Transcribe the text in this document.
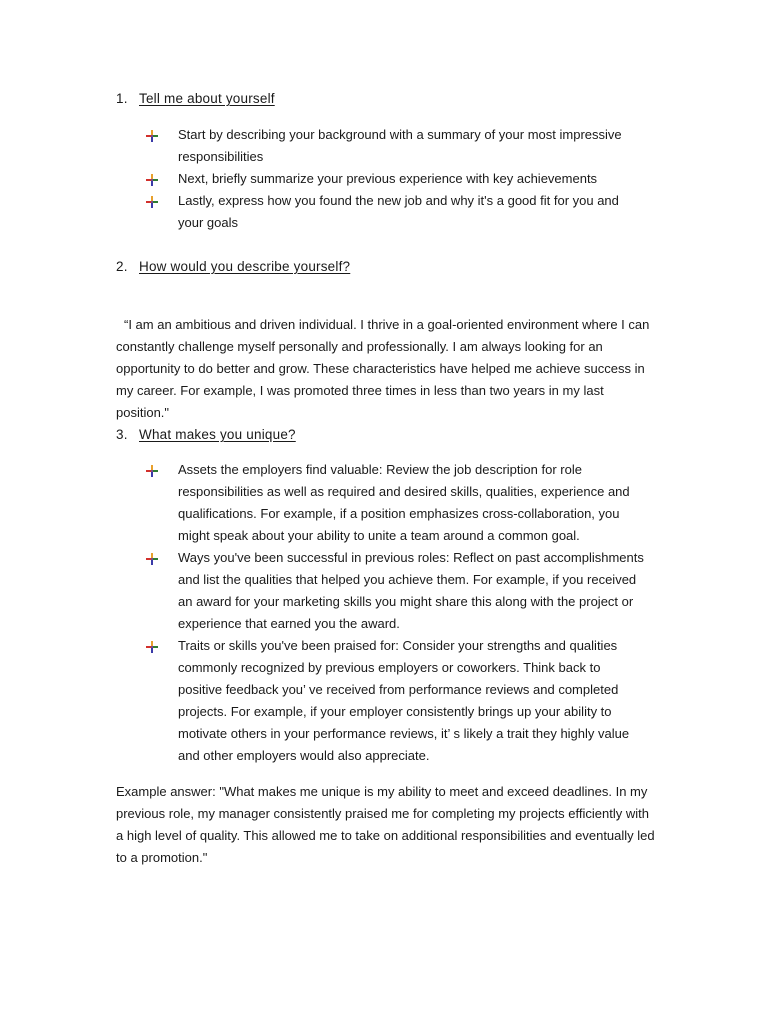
1. Tell me about yourself
Start by describing your background with a summary of your most impressive responsibilities
Next, briefly summarize your previous experience with key achievements
Lastly, express how you found the new job and why it's a good fit for you and your goals
2. How would you describe yourself?

“I am an ambitious and driven individual. I thrive in a goal-oriented environment where I can constantly challenge myself personally and professionally. I am always looking for an opportunity to do better and grow. These characteristics have helped me achieve success in my career. For example, I was promoted three times in less than two years in my last position."

3. What makes you unique?
Assets the employers find valuable: Review the job description for role responsibilities as well as required and desired skills, qualities, experience and qualifications. For example, if a position emphasizes cross-collaboration, you might speak about your ability to unite a team around a common goal.
Ways you've been successful in previous roles: Reflect on past accomplishments and list the qualities that helped you achieve them. For example, if you received an award for your marketing skills you might share this along with the project or experience that earned you the award.
Traits or skills you've been praised for: Consider your strengths and qualities commonly recognized by previous employers or coworkers. Think back to positive feedback you’ ve received from performance reviews and completed projects. For example, if your employer consistently brings up your ability to motivate others in your performance reviews, it’ s likely a trait they highly value and other employers would also appreciate.

Example answer: "What makes me unique is my ability to meet and exceed deadlines. In my previous role, my manager consistently praised me for completing my projects efficiently with a high level of quality. This allowed me to take on additional responsibilities and eventually led to a promotion."
